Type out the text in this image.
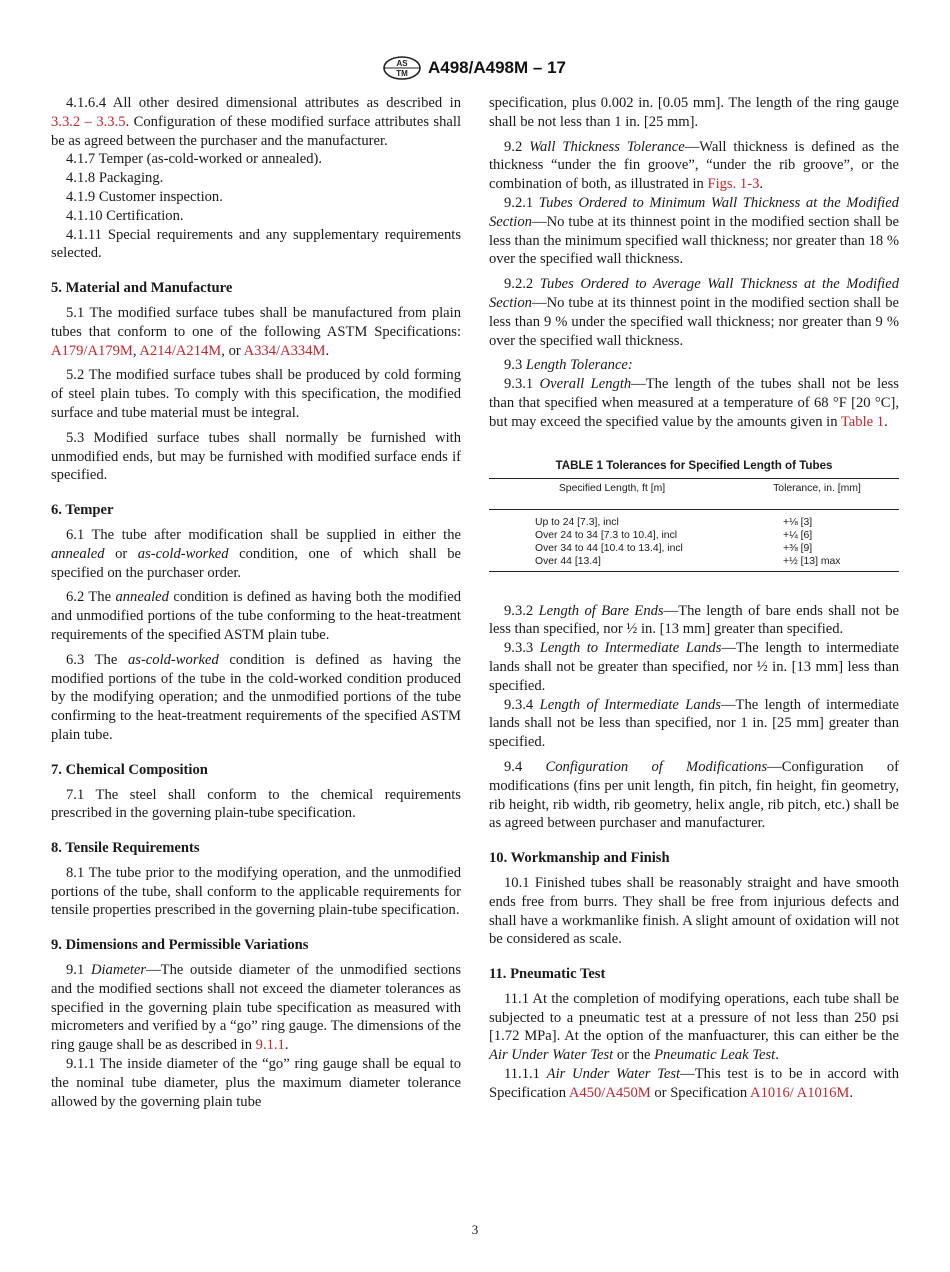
AS
TM A498/A498M – 17

4.1.6.4 All other desired dimensional attributes as described in 3.3.2 – 3.3.5. Configuration of these modified surface attributes shall be as agreed between the purchaser and the manufacturer.

4.1.7 Temper (as-cold-worked or annealed).

4.1.8 Packaging.

4.1.9 Customer inspection.

4.1.10 Certification.

4.1.11 Special requirements and any supplementary requirements selected.

5. Material and Manufacture

5.1 The modified surface tubes shall be manufactured from plain tubes that conform to one of the following ASTM Specifications: A179/A179M, A214/A214M, or A334/A334M.

5.2 The modified surface tubes shall be produced by cold forming of steel plain tubes. To comply with this specification, the modified surface and tube material must be integral.

5.3 Modified surface tubes shall normally be furnished with unmodified ends, but may be furnished with modified surface ends if specified.

6. Temper

6.1 The tube after modification shall be supplied in either the annealed or as-cold-worked condition, one of which shall be specified on the purchaser order.

6.2 The annealed condition is defined as having both the modified and unmodified portions of the tube conforming to the heat-treatment requirements of the specified ASTM plain tube.

6.3 The as-cold-worked condition is defined as having the modified portions of the tube in the cold-worked condition produced by the modifying operation; and the unmodified portions of the tube confirming to the heat-treatment requirements of the specified ASTM plain tube.

7. Chemical Composition

7.1 The steel shall conform to the chemical requirements prescribed in the governing plain-tube specification.

8. Tensile Requirements

8.1 The tube prior to the modifying operation, and the unmodified portions of the tube, shall conform to the applicable requirements for tensile properties prescribed in the governing plain-tube specification.

9. Dimensions and Permissible Variations

9.1 Diameter—The outside diameter of the unmodified sections and the modified sections shall not exceed the diameter tolerances as specified in the governing plain tube specification as measured with micrometers and verified by a “go” ring gauge. The dimensions of the ring gauge shall be as described in 9.1.1.

9.1.1 The inside diameter of the “go” ring gauge shall be equal to the nominal tube diameter, plus the maximum diameter tolerance allowed by the governing plain tube

specification, plus 0.002 in. [0.05 mm]. The length of the ring gauge shall be not less than 1 in. [25 mm].

9.2 Wall Thickness Tolerance—Wall thickness is defined as the thickness “under the fin groove”, “under the rib groove”, or the combination of both, as illustrated in Figs. 1-3.

9.2.1 Tubes Ordered to Minimum Wall Thickness at the Modified Section—No tube at its thinnest point in the modified section shall be less than the minimum specified wall thickness; nor greater than 18 % over the specified wall thickness.

9.2.2 Tubes Ordered to Average Wall Thickness at the Modified Section—No tube at its thinnest point in the modified section shall be less than 9 % under the specified wall thickness; nor greater than 9 % over the specified wall thickness.

9.3 Length Tolerance:

9.3.1 Overall Length—The length of the tubes shall not be less than that specified when measured at a temperature of 68 °F [20 °C], but may exceed the specified value by the amounts given in Table 1.

TABLE 1 Tolerances for Specified Length of Tubes
Specified Length, ft [m]	Tolerance, in. [mm]
Up to 24 [7.3], incl	+⅛ [3]
Over 24 to 34 [7.3 to 10.4], incl	+¼ [6]
Over 34 to 44 [10.4 to 13.4], incl	+⅜ [9]
Over 44 [13.4]	+½ [13] max

9.3.2 Length of Bare Ends—The length of bare ends shall not be less than specified, nor ½ in. [13 mm] greater than specified.

9.3.3 Length to Intermediate Lands—The length to intermediate lands shall not be greater than specified, nor ½ in. [13 mm] less than specified.

9.3.4 Length of Intermediate Lands—The length of intermediate lands shall not be less than specified, nor 1 in. [25 mm] greater than specified.

9.4 Configuration of Modifications—Configuration of modifications (fins per unit length, fin pitch, fin height, fin geometry, rib height, rib width, rib geometry, helix angle, rib pitch, etc.) shall be as agreed between purchaser and manufacturer.

10. Workmanship and Finish

10.1 Finished tubes shall be reasonably straight and have smooth ends free from burrs. They shall be free from injurious defects and shall have a workmanlike finish. A slight amount of oxidation will not be considered as scale.

11. Pneumatic Test

11.1 At the completion of modifying operations, each tube shall be subjected to a pneumatic test at a pressure of not less than 250 psi [1.72 MPa]. At the option of the manfuacturer, this can either be the Air Under Water Test or the Pneumatic Leak Test.

11.1.1 Air Under Water Test—This test is to be in accord with Specification A450/A450M or Specification A1016/ A1016M.

3
